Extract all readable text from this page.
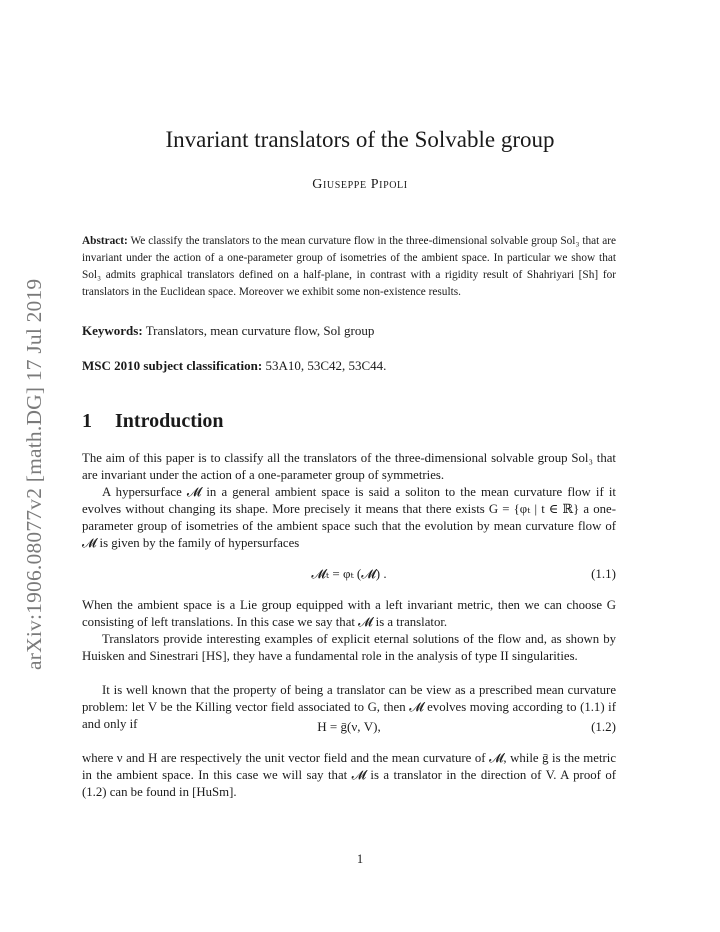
arXiv:1906.08077v2 [math.DG] 17 Jul 2019
Invariant translators of the Solvable group
Giuseppe Pipoli

Abstract: We classify the translators to the mean curvature flow in the three-dimensional solvable group Sol₃ that are invariant under the action of a one-parameter group of isometries of the ambient space. In particular we show that Sol₃ admits graphical translators defined on a half-plane, in contrast with a rigidity result of Shahriyari [Sh] for translators in the Euclidean space. Moreover we exhibit some non-existence results.

Keywords: Translators, mean curvature flow, Sol group

MSC 2010 subject classification: 53A10, 53C42, 53C44.

1 Introduction

The aim of this paper is to classify all the translators of the three-dimensional solvable group Sol₃ that are invariant under the action of a one-parameter group of symmetries.

A hypersurface 𝓜 in a general ambient space is said a soliton to the mean curvature flow if it evolves without changing its shape. More precisely it means that there exists G = {φₜ | t ∈ ℝ} a one-parameter group of isometries of the ambient space such that the evolution by mean curvature flow of 𝓜 is given by the family of hypersurfaces

𝓜ₜ = φₜ (𝓜) .	(1.1)

When the ambient space is a Lie group equipped with a left invariant metric, then we can choose G consisting of left translations. In this case we say that 𝓜 is a translator.

Translators provide interesting examples of explicit eternal solutions of the flow and, as shown by Huisken and Sinestrari [HS], they have a fundamental role in the analysis of type II singularities.

It is well known that the property of being a translator can be view as a prescribed mean curvature problem: let V be the Killing vector field associated to G, then 𝓜 evolves moving according to (1.1) if and only if	H = ḡ(ν, V),	(1.2)

where ν and H are respectively the unit vector field and the mean curvature of 𝓜, while ḡ is the metric in the ambient space. In this case we will say that 𝓜 is a translator in the direction of V. A proof of (1.2) can be found in [HuSm].

1
